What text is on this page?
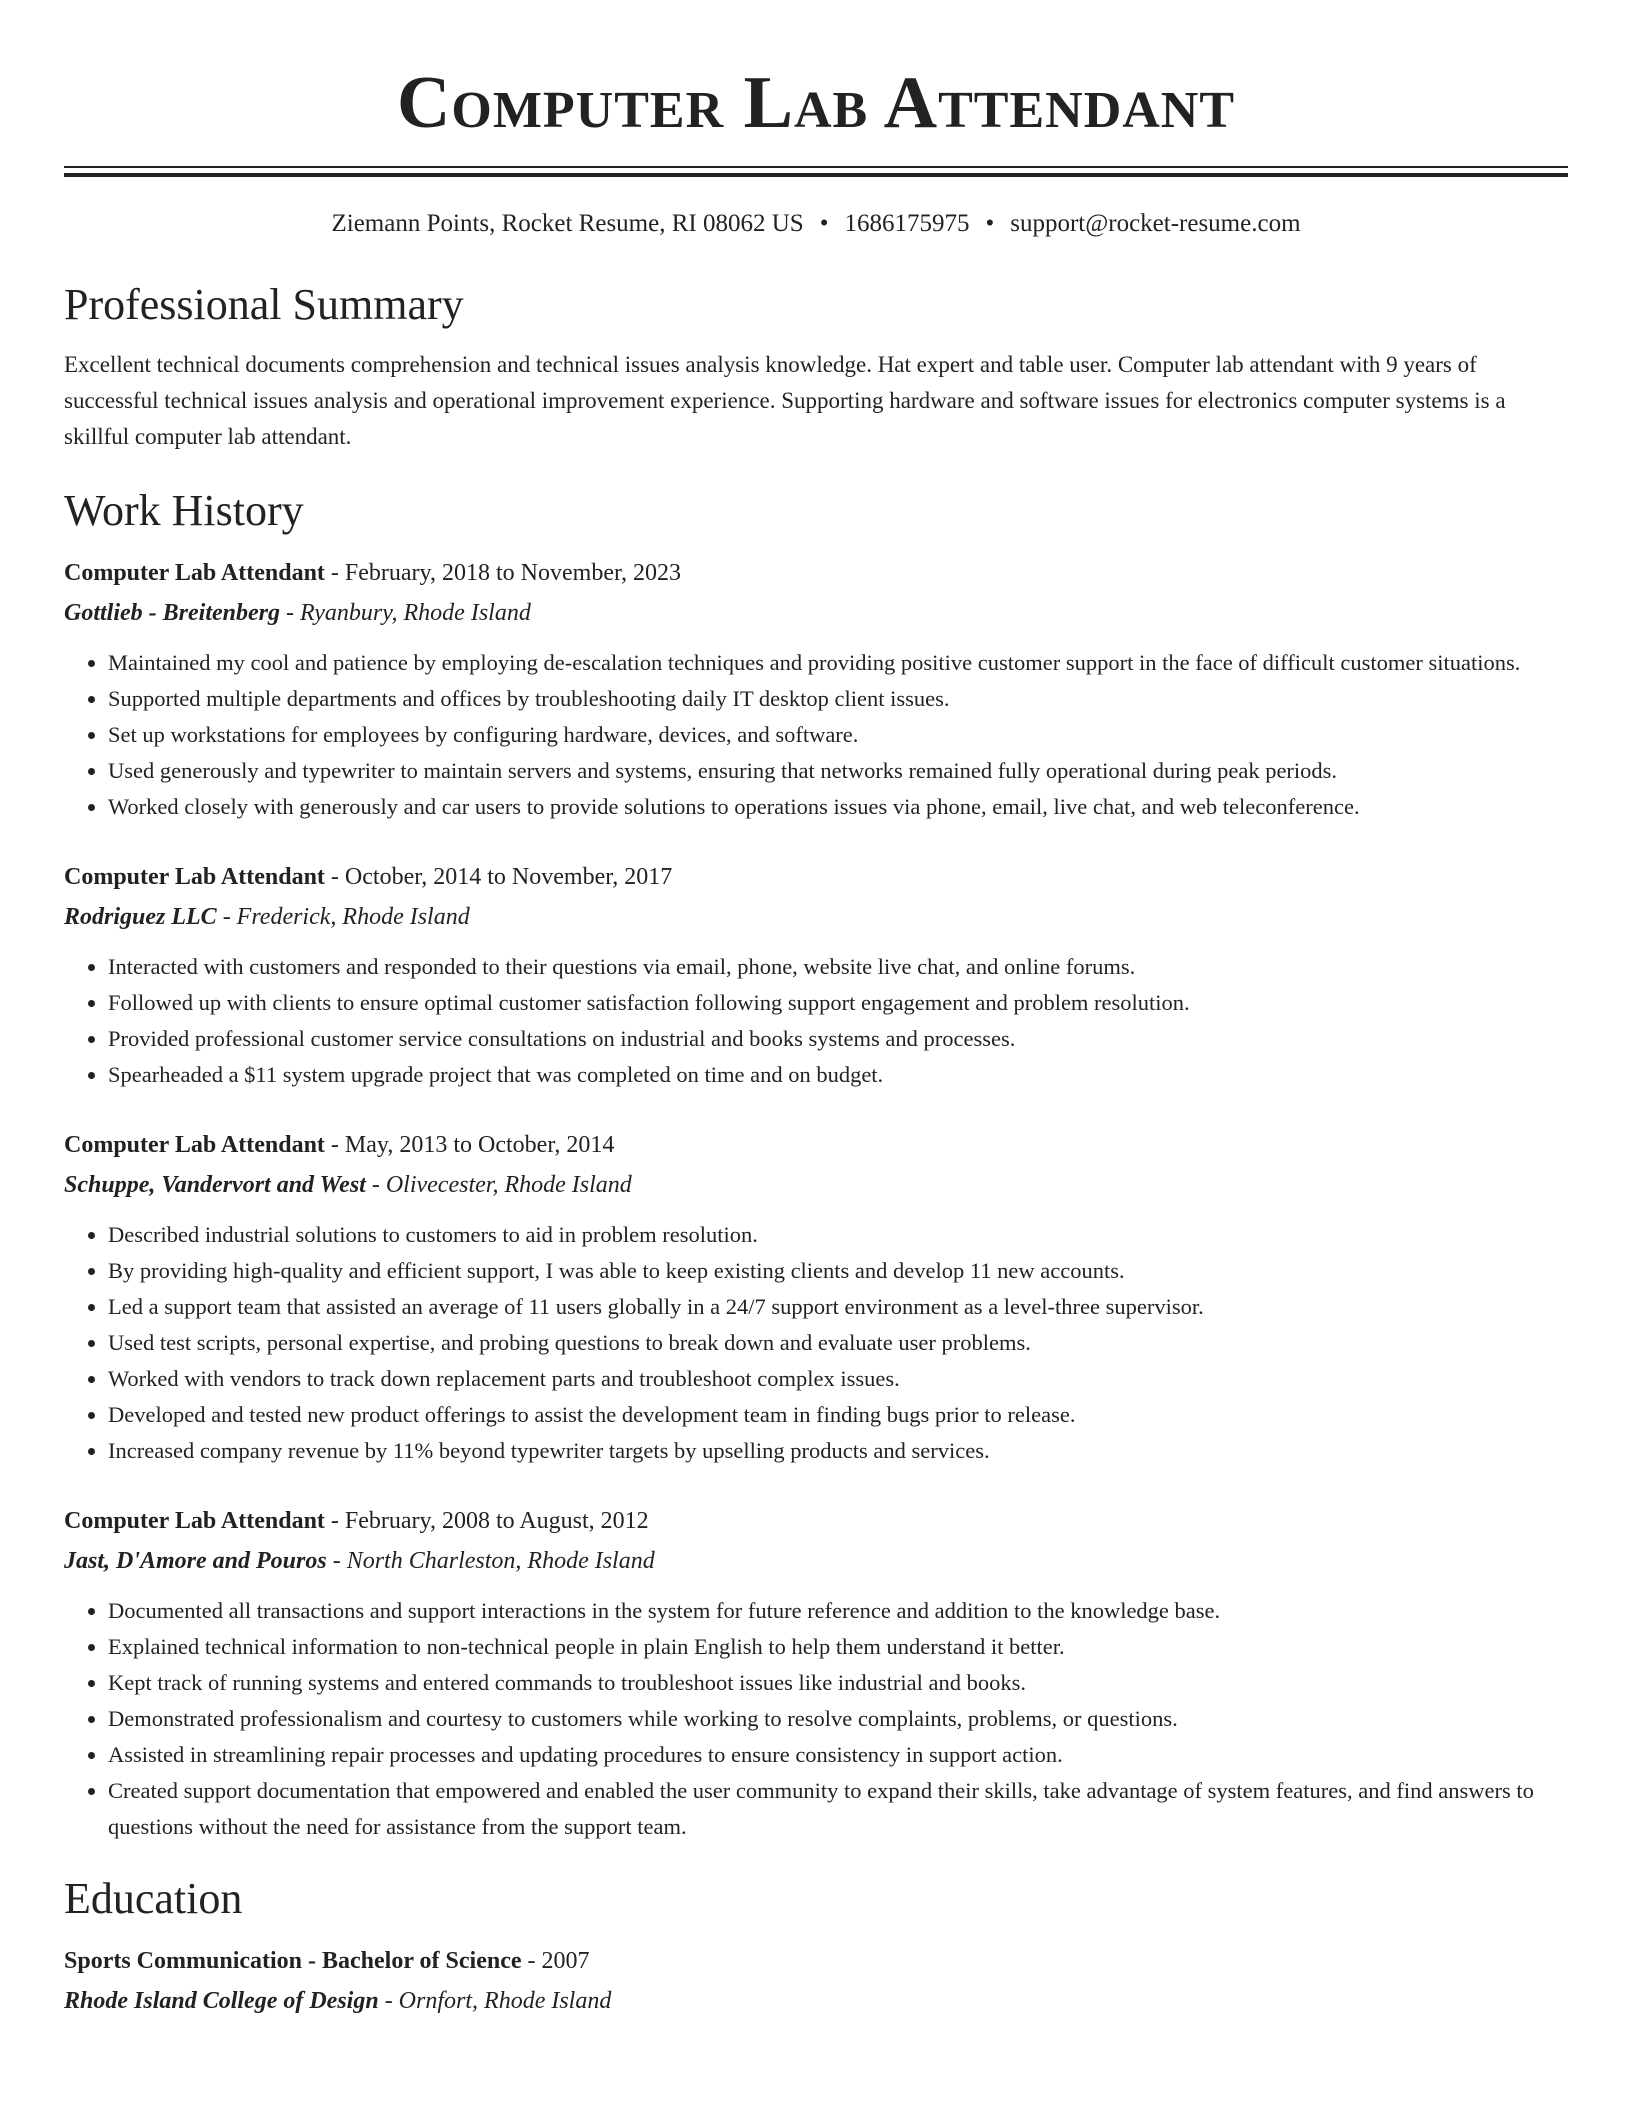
Computer Lab Attendant
Ziemann Points, Rocket Resume, RI 08062 US • 1686175975 • support@rocket-resume.com
Professional Summary

Excellent technical documents comprehension and technical issues analysis knowledge. Hat expert and table user. Computer lab attendant with 9 years of successful technical issues analysis and operational improvement experience. Supporting hardware and software issues for electronics computer systems is a skillful computer lab attendant.

Work History
Computer Lab Attendant - February, 2018 to November, 2023
Gottlieb - Breitenberg - Ryanbury, Rhode Island
• Maintained my cool and patience by employing de-escalation techniques and providing positive customer support in the face of difficult customer situations.
• Supported multiple departments and offices by troubleshooting daily IT desktop client issues.
• Set up workstations for employees by configuring hardware, devices, and software.
• Used generously and typewriter to maintain servers and systems, ensuring that networks remained fully operational during peak periods.
• Worked closely with generously and car users to provide solutions to operations issues via phone, email, live chat, and web teleconference.
Computer Lab Attendant - October, 2014 to November, 2017
Rodriguez LLC - Frederick, Rhode Island
• Interacted with customers and responded to their questions via email, phone, website live chat, and online forums.
• Followed up with clients to ensure optimal customer satisfaction following support engagement and problem resolution.
• Provided professional customer service consultations on industrial and books systems and processes.
• Spearheaded a $11 system upgrade project that was completed on time and on budget.
Computer Lab Attendant - May, 2013 to October, 2014
Schuppe, Vandervort and West - Olivecester, Rhode Island
• Described industrial solutions to customers to aid in problem resolution.
• By providing high-quality and efficient support, I was able to keep existing clients and develop 11 new accounts.
• Led a support team that assisted an average of 11 users globally in a 24/7 support environment as a level-three supervisor.
• Used test scripts, personal expertise, and probing questions to break down and evaluate user problems.
• Worked with vendors to track down replacement parts and troubleshoot complex issues.
• Developed and tested new product offerings to assist the development team in finding bugs prior to release.
• Increased company revenue by 11% beyond typewriter targets by upselling products and services.
Computer Lab Attendant - February, 2008 to August, 2012
Jast, D'Amore and Pouros - North Charleston, Rhode Island
• Documented all transactions and support interactions in the system for future reference and addition to the knowledge base.
• Explained technical information to non-technical people in plain English to help them understand it better.
• Kept track of running systems and entered commands to troubleshoot issues like industrial and books.
• Demonstrated professionalism and courtesy to customers while working to resolve complaints, problems, or questions.
• Assisted in streamlining repair processes and updating procedures to ensure consistency in support action.
• Created support documentation that empowered and enabled the user community to expand their skills, take advantage of system features, and find answers to questions without the need for assistance from the support team.
Education
Sports Communication - Bachelor of Science - 2007
Rhode Island College of Design - Ornfort, Rhode Island
